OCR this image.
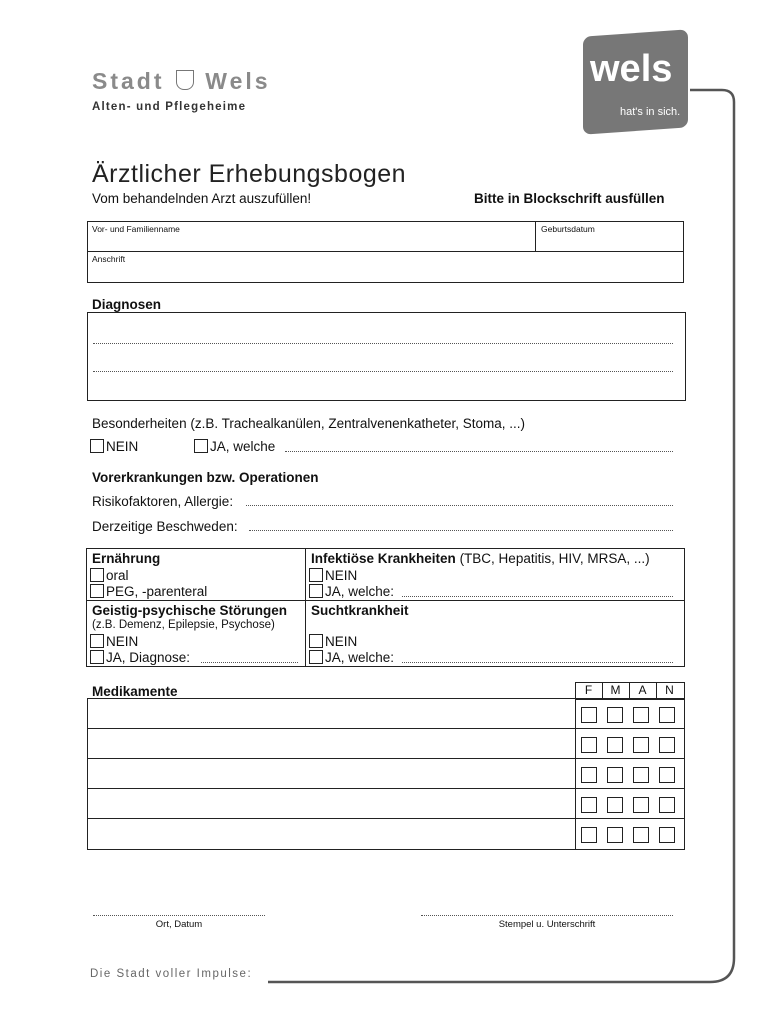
Stadt Wels
Alten- und Pflegeheime
wels
hat's in sich.
Ärztlicher Erhebungsbogen
Vom behandelnden Arzt auszufüllen!	Bitte in Blockschrift ausfüllen
Vor- und Familienname	Geburtsdatum
Anschrift
Diagnosen
Besonderheiten (z.B. Trachealkanülen, Zentralvenenkatheter, Stoma, ...)
NEIN	JA, welche
Vorerkrankungen bzw. Operationen
Risikofaktoren, Allergie:
Derzeitige Beschweden:
Ernährung
oral
PEG, -parenteral
Infektiöse Krankheiten (TBC, Hepatitis, HIV, MRSA, ...)
NEIN
JA, welche:
Geistig-psychische Störungen
(z.B. Demenz, Epilepsie, Psychose)
NEIN
JA, Diagnose:
Suchtkrankheit
NEIN
JA, welche:
Medikamente	F	M	A	N
Ort, Datum	Stempel u. Unterschrift
Die Stadt voller Impulse:
